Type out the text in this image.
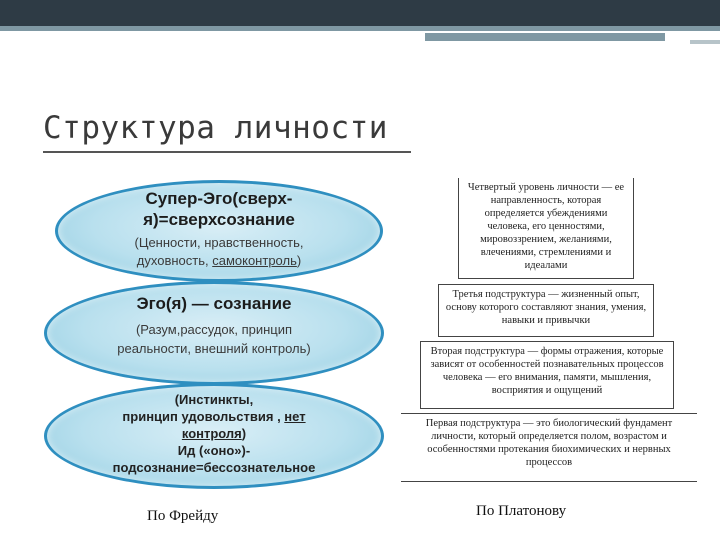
Структура личности
Супер-Эго(сверх-
я)=сверхсознание
(Ценности, нравственность,
духовность, самоконтроль)
Эго(я) — сознание
(Разум,рассудок, принцип
реальности, внешний контроль)
(Инстинкты,
принцип удовольствия , нет
контроля)
Ид («оно»)-
подсознание=бессознательное
По Фрейду
Четвертый уровень личности — ее направленность, которая определяется убеждениями человека, его ценностями, мировоззрением, желаниями, влечениями, стремлениями и идеалами
Третья подструктура — жизненный опыт, основу которого составляют знания, умения, навыки и привычки
Вторая подструктура — формы отражения, которые зависят от особенностей познавательных процессов человека — его внимания, памяти, мышления, восприятия и ощущений
Первая подструктура — это биологический фундамент личности, который определяется полом, возрастом и особенностями протекания биохимических и нервных процессов
По Платонову
